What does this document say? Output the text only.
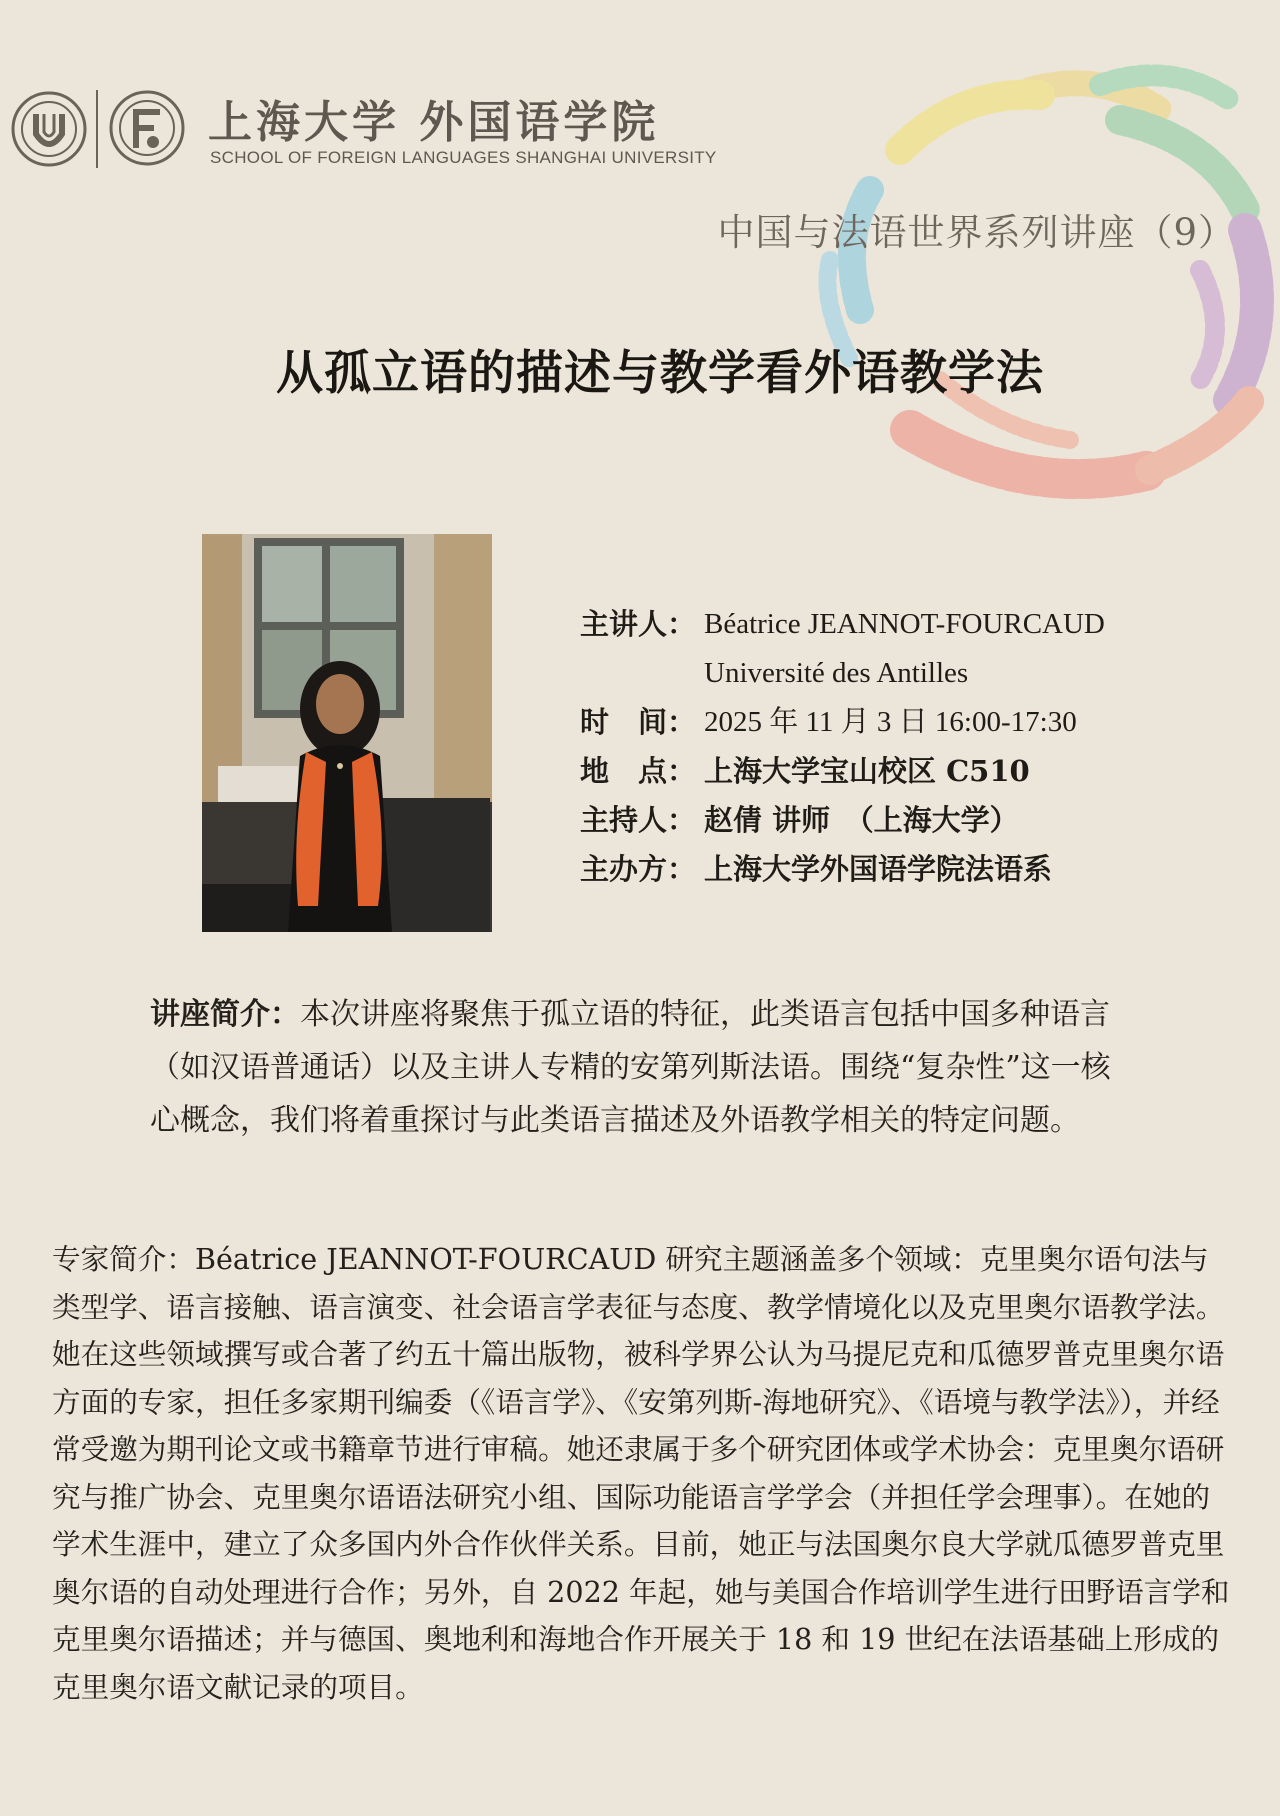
上海大学 外国语学院
SCHOOL OF FOREIGN LANGUAGES SHANGHAI UNIVERSITY
中国与法语世界系列讲座（9）
从孤立语的描述与教学看外语教学法
主讲人： Béatrice JEANNOT-FOURCAUD
Université des Antilles
时　间： 2025 年 11 月 3 日 16:00-17:30
地　点： 上海大学宝山校区 C510
主持人： 赵倩 讲师　（上海大学）
主办方： 上海大学外国语学院法语系
讲座简介：本次讲座将聚焦于孤立语的特征，此类语言包括中国多种语言（如汉语普通话）以及主讲人专精的安第列斯法语。围绕“复杂性”这一核心概念，我们将着重探讨与此类语言描述及外语教学相关的特定问题。
专家简介：Béatrice JEANNOT-FOURCAUD 研究主题涵盖多个领域：克里奥尔语句法与类型学、语言接触、语言演变、社会语言学表征与态度、教学情境化以及克里奥尔语教学法。她在这些领域撰写或合著了约五十篇出版物，被科学界公认为马提尼克和瓜德罗普克里奥尔语方面的专家，担任多家期刊编委（《语言学》、《安第列斯-海地研究》、《语境与教学法》），并经常受邀为期刊论文或书籍章节进行审稿。她还隶属于多个研究团体或学术协会：克里奥尔语研究与推广协会、克里奥尔语语法研究小组、国际功能语言学学会（并担任学会理事）。在她的学术生涯中，建立了众多国内外合作伙伴关系。目前，她正与法国奥尔良大学就瓜德罗普克里奥尔语的自动处理进行合作；另外，自 2022 年起，她与美国合作培训学生进行田野语言学和克里奥尔语描述；并与德国、奥地利和海地合作开展关于 18 和 19 世纪在法语基础上形成的克里奥尔语文献记录的项目。
